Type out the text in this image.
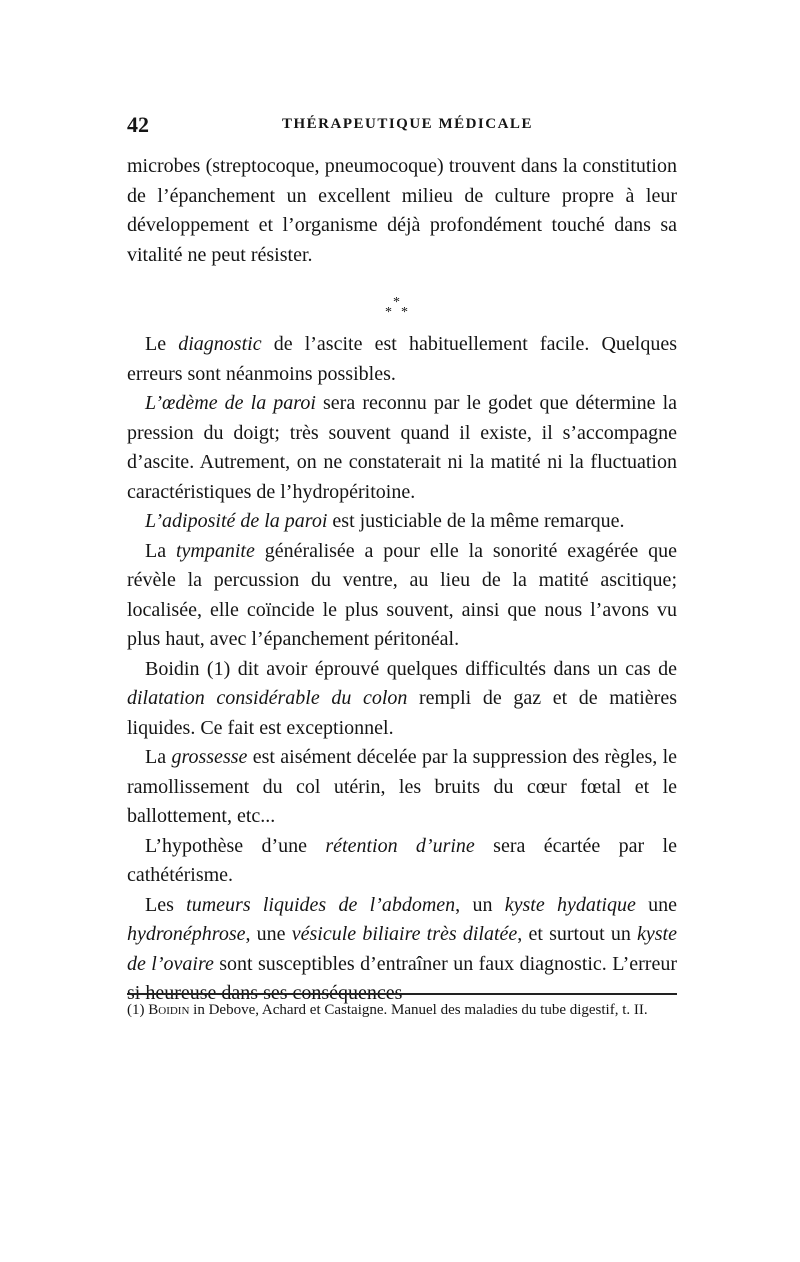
42	THÉRAPEUTIQUE MÉDICALE

microbes (streptocoque, pneumocoque) trouvent dans la constitution de l’épanchement un excellent milieu de culture propre à leur développement et l’organisme déjà profondément touché dans sa vitalité ne peut résister.

*
* *

Le diagnostic de l’ascite est habituellement facile. Quelques erreurs sont néanmoins possibles.

L’œdème de la paroi sera reconnu par le godet que détermine la pression du doigt; très souvent quand il existe, il s’accompagne d’ascite. Autrement, on ne constaterait ni la matité ni la fluctuation caractéristiques de l’hydropéritoine.

L’adiposité de la paroi est justiciable de la même remarque.

La tympanite généralisée a pour elle la sonorité exagérée que révèle la percussion du ventre, au lieu de la matité ascitique; localisée, elle coïncide le plus souvent, ainsi que nous l’avons vu plus haut, avec l’épanchement péritonéal.

Boidin (1) dit avoir éprouvé quelques difficultés dans un cas de dilatation considérable du colon rempli de gaz et de matières liquides. Ce fait est exceptionnel.

La grossesse est aisément décelée par la suppression des règles, le ramollissement du col utérin, les bruits du cœur fœtal et le ballottement, etc...

L’hypothèse d’une rétention d’urine sera écartée par le cathétérisme.

Les tumeurs liquides de l’abdomen, un kyste hydatique une hydronéphrose, une vésicule biliaire très dilatée, et surtout un kyste de l’ovaire sont susceptibles d’entraîner un faux diagnostic. L’erreur si heureuse dans ses conséquences

(1) Boidin in Debove, Achard et Castaigne. Manuel des maladies du tube digestif, t. II.
